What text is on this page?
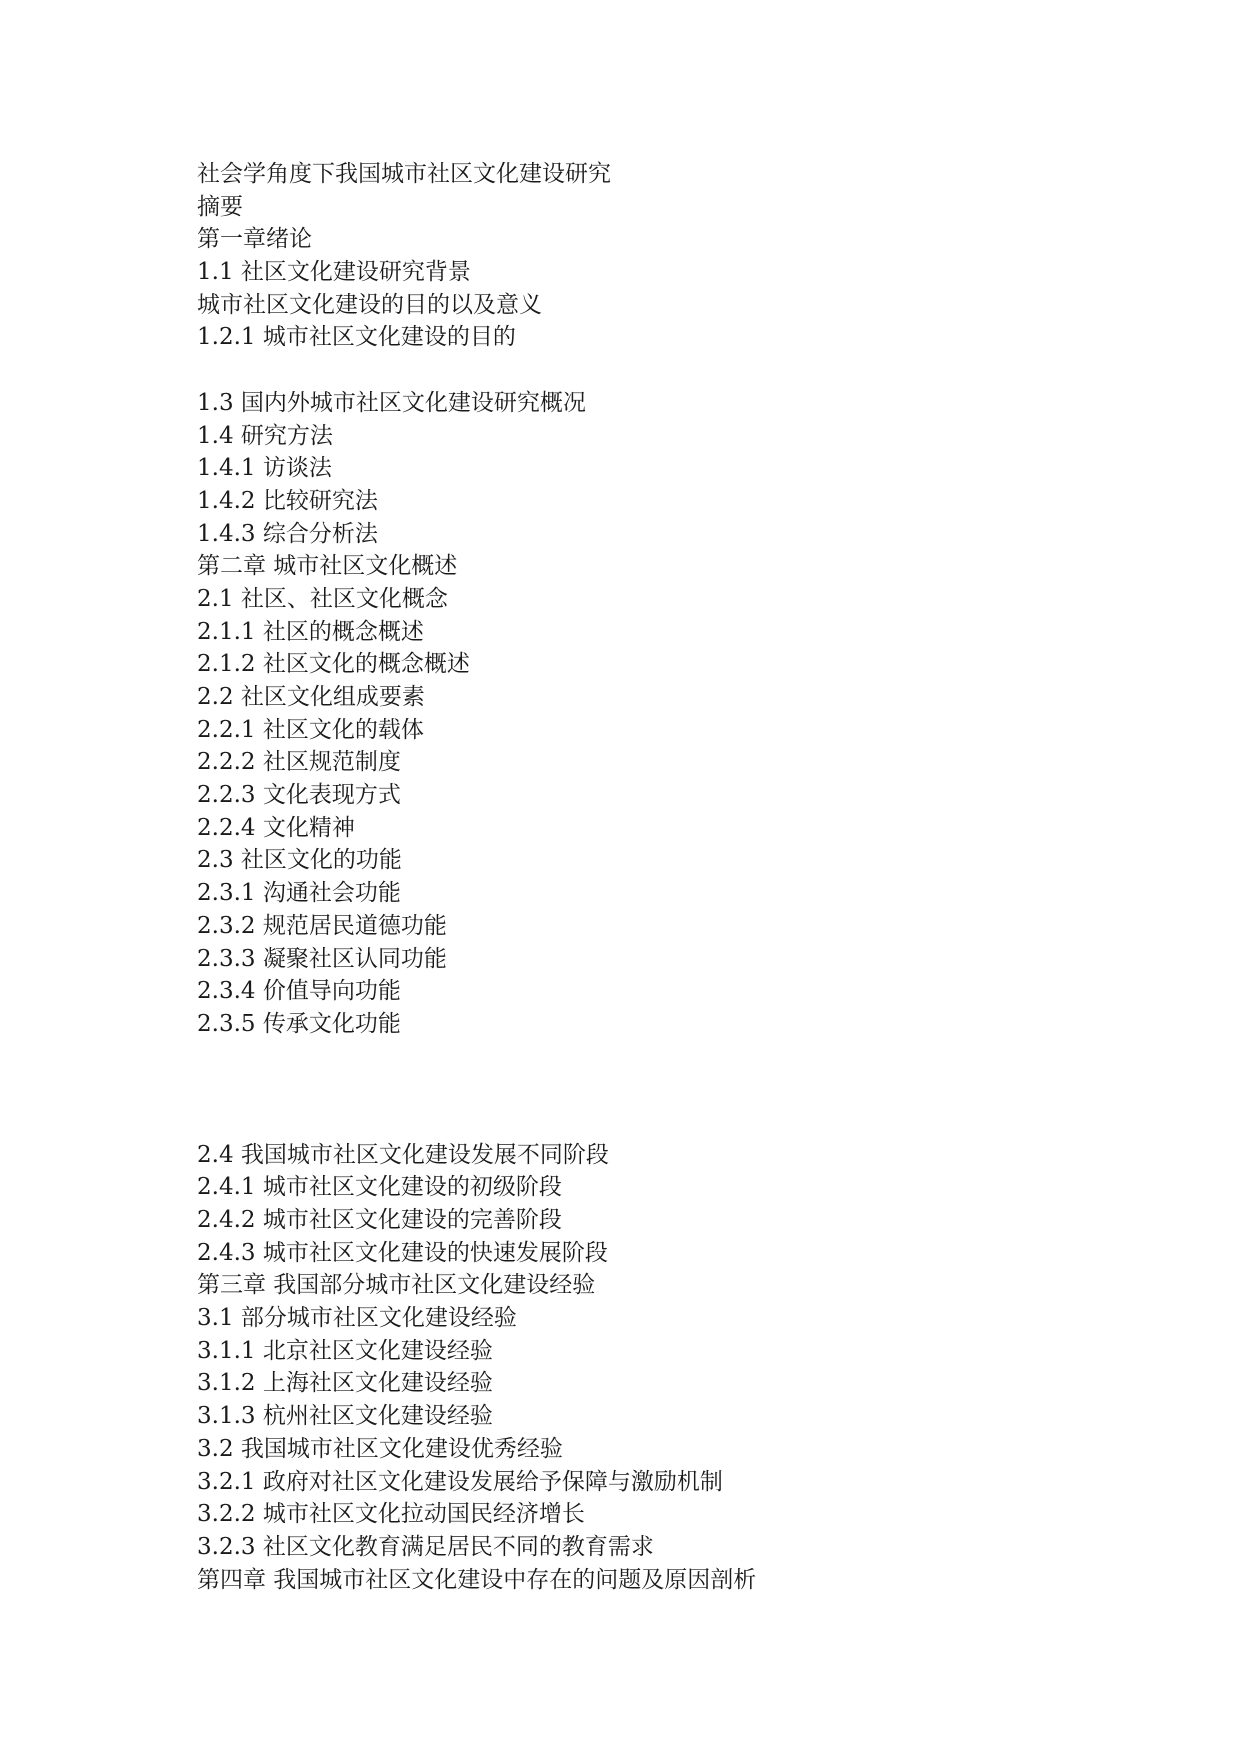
社会学角度下我国城市社区文化建设研究
摘要
第一章绪论
1.1 社区文化建设研究背景
城市社区文化建设的目的以及意义
1.2.1 城市社区文化建设的目的
1.3 国内外城市社区文化建设研究概况
1.4 研究方法
1.4.1 访谈法
1.4.2 比较研究法
1.4.3 综合分析法
第二章 城市社区文化概述
2.1 社区、社区文化概念
2.1.1 社区的概念概述
2.1.2 社区文化的概念概述
2.2 社区文化组成要素
2.2.1 社区文化的载体
2.2.2 社区规范制度
2.2.3 文化表现方式
2.2.4 文化精神
2.3 社区文化的功能
2.3.1 沟通社会功能
2.3.2 规范居民道德功能
2.3.3 凝聚社区认同功能
2.3.4 价值导向功能
2.3.5 传承文化功能
2.4 我国城市社区文化建设发展不同阶段
2.4.1 城市社区文化建设的初级阶段
2.4.2 城市社区文化建设的完善阶段
2.4.3 城市社区文化建设的快速发展阶段
第三章 我国部分城市社区文化建设经验
3.1 部分城市社区文化建设经验
3.1.1 北京社区文化建设经验
3.1.2 上海社区文化建设经验
3.1.3 杭州社区文化建设经验
3.2 我国城市社区文化建设优秀经验
3.2.1 政府对社区文化建设发展给予保障与激励机制
3.2.2 城市社区文化拉动国民经济增长
3.2.3 社区文化教育满足居民不同的教育需求
第四章 我国城市社区文化建设中存在的问题及原因剖析
